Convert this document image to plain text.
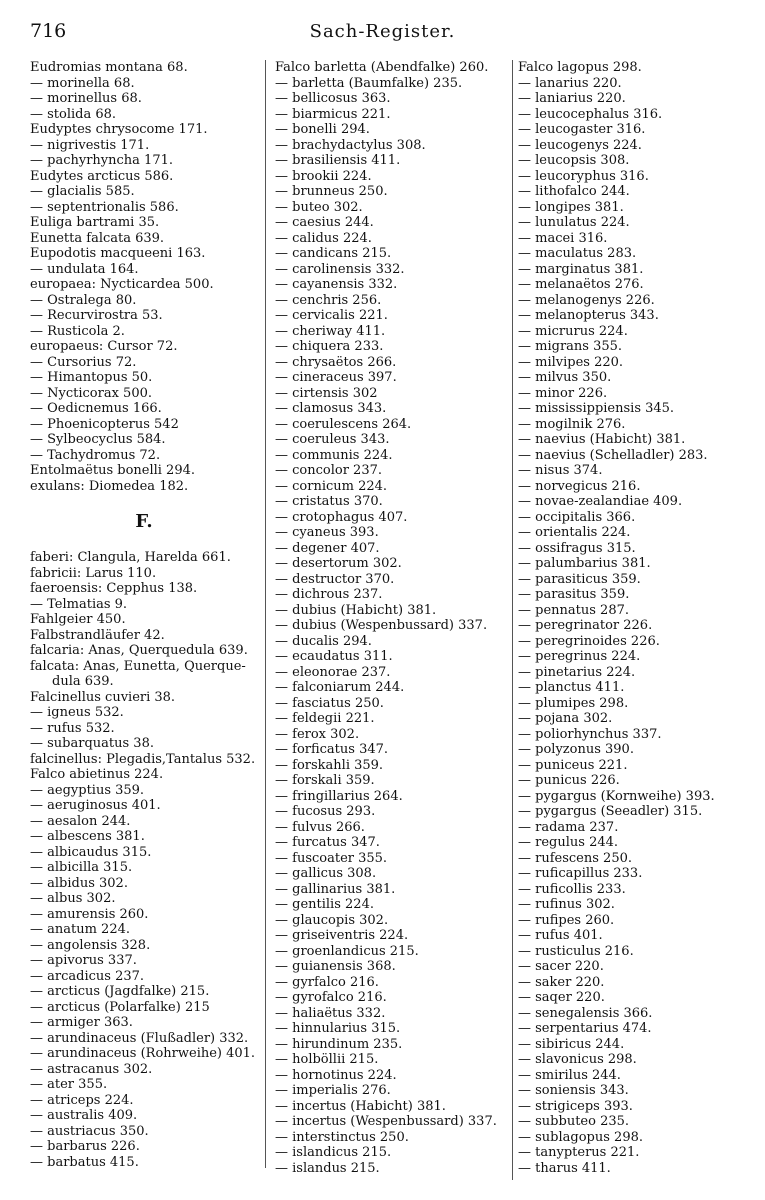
716	Sach-Register.
Eudromias montana 68.
— morinella 68.
— morinellus 68.
— stolida 68.
Eudyptes chrysocome 171.
— nigrivestis 171.
— pachyrhyncha 171.
Eudytes arcticus 586.
— glacialis 585.
— septentrionalis 586.
Euliga bartrami 35.
Eunetta falcata 639.
Eupodotis macqueeni 163.
— undulata 164.
europaea: Nycticardea 500.
— Ostralega 80.
— Recurvirostra 53.
— Rusticola 2.
europaeus: Cursor 72.
— Cursorius 72.
— Himantopus 50.
— Nycticorax 500.
— Oedicnemus 166.
— Phoenicopterus 542
— Sylbeocyclus 584.
— Tachydromus 72.
Entolmaëtus bonelli 294.
exulans: Diomedea 182.
F.
faberi: Clangula, Harelda 661.
fabricii: Larus 110.
faeroensis: Cepphus 138.
— Telmatias 9.
Fahlgeier 450.
Falbstrandläufer 42.
falcaria: Anas, Querquedula 639.
falcata: Anas, Eunetta, Querque-
dula 639.
Falcinellus cuvieri 38.
— igneus 532.
— rufus 532.
— subarquatus 38.
falcinellus: Plegadis,Tantalus 532.
Falco abietinus 224.
— aegyptius 359.
— aeruginosus 401.
— aesalon 244.
— albescens 381.
— albicaudus 315.
— albicilla 315.
— albidus 302.
— albus 302.
— amurensis 260.
— anatum 224.
— angolensis 328.
— apivorus 337.
— arcadicus 237.
— arcticus (Jagdfalke) 215.
— arcticus (Polarfalke) 215
— armiger 363.
— arundinaceus (Flußadler) 332.
— arundinaceus (Rohrweihe) 401.
— astracanus 302.
— ater 355.
— atriceps 224.
— australis 409.
— austriacus 350.
— barbarus 226.
— barbatus 415.
Falco barletta (Abendfalke) 260.
— barletta (Baumfalke) 235.
— bellicosus 363.
— biarmicus 221.
— bonelli 294.
— brachydactylus 308.
— brasiliensis 411.
— brookii 224.
— brunneus 250.
— buteo 302.
— caesius 244.
— calidus 224.
— candicans 215.
— carolinensis 332.
— cayanensis 332.
— cenchris 256.
— cervicalis 221.
— cheriway 411.
— chiquera 233.
— chrysaëtos 266.
— cineraceus 397.
— cirtensis 302
— clamosus 343.
— coerulescens 264.
— coeruleus 343.
— communis 224.
— concolor 237.
— cornicum 224.
— cristatus 370.
— crotophagus 407.
— cyaneus 393.
— degener 407.
— desertorum 302.
— destructor 370.
— dichrous 237.
— dubius (Habicht) 381.
— dubius (Wespenbussard) 337.
— ducalis 294.
— ecaudatus 311.
— eleonorae 237.
— falconiarum 244.
— fasciatus 250.
— feldegii 221.
— ferox 302.
— forficatus 347.
— forskahli 359.
— forskali 359.
— fringillarius 264.
— fucosus 293.
— fulvus 266.
— furcatus 347.
— fuscoater 355.
— gallicus 308.
— gallinarius 381.
— gentilis 224.
— glaucopis 302.
— griseiventris 224.
— groenlandicus 215.
— guianensis 368.
— gyrfalco 216.
— gyrofalco 216.
— haliaëtus 332.
— hinnularius 315.
— hirundinum 235.
— holböllii 215.
— hornotinus 224.
— imperialis 276.
— incertus (Habicht) 381.
— incertus (Wespenbussard) 337.
— interstinctus 250.
— islandicus 215.
— islandus 215.
Falco lagopus 298.
— lanarius 220.
— laniarius 220.
— leucocephalus 316.
— leucogaster 316.
— leucogenys 224.
— leucopsis 308.
— leucoryphus 316.
— lithofalco 244.
— longipes 381.
— lunulatus 224.
— macei 316.
— maculatus 283.
— marginatus 381.
— melanaëtos 276.
— melanogenys 226.
— melanopterus 343.
— micrurus 224.
— migrans 355.
— milvipes 220.
— milvus 350.
— minor 226.
— mississippiensis 345.
— mogilnik 276.
— naevius (Habicht) 381.
— naevius (Schelladler) 283.
— nisus 374.
— norvegicus 216.
— novae-zealandiae 409.
— occipitalis 366.
— orientalis 224.
— ossifragus 315.
— palumbarius 381.
— parasiticus 359.
— parasitus 359.
— pennatus 287.
— peregrinator 226.
— peregrinoides 226.
— peregrinus 224.
— pinetarius 224.
— planctus 411.
— plumipes 298.
— pojana 302.
— poliorhynchus 337.
— polyzonus 390.
— puniceus 221.
— punicus 226.
— pygargus (Kornweihe) 393.
— pygargus (Seeadler) 315.
— radama 237.
— regulus 244.
— rufescens 250.
— ruficapillus 233.
— ruficollis 233.
— rufinus 302.
— rufipes 260.
— rufus 401.
— rusticulus 216.
— sacer 220.
— saker 220.
— saqer 220.
— senegalensis 366.
— serpentarius 474.
— sibiricus 244.
— slavonicus 298.
— smirilus 244.
— soniensis 343.
— strigiceps 393.
— subbuteo 235.
— sublagopus 298.
— tanypterus 221.
— tharus 411.
